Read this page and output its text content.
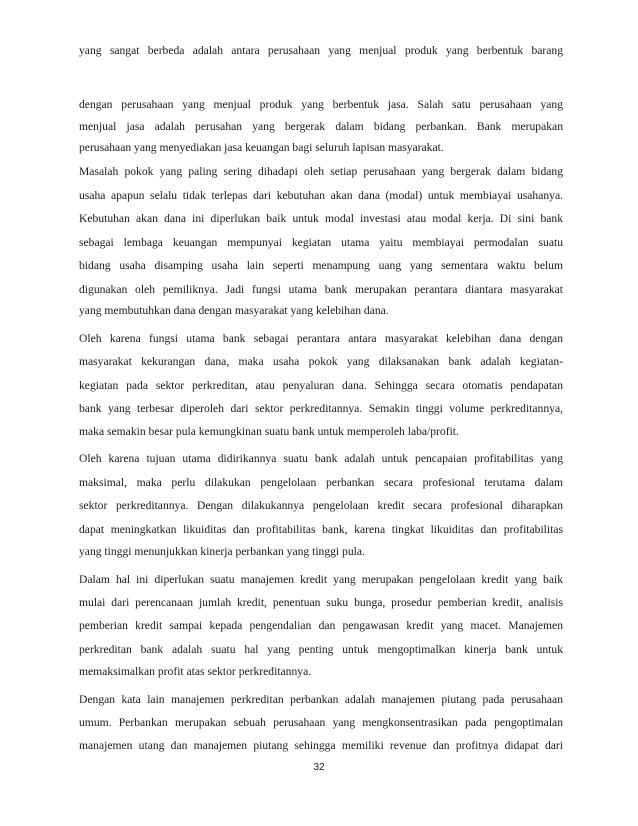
yang sangat berbeda adalah antara perusahaan yang menjual produk yang berbentuk barang
dengan perusahaan yang menjual produk yang berbentuk jasa. Salah satu perusahaan yang
menjual jasa adalah perusahan yang bergerak dalam bidang perbankan. Bank merupakan
perusahaan yang menyediakan jasa keuangan bagi seluruh lapisan masyarakat.
Masalah pokok yang paling sering dihadapi oleh setiap perusahaan yang bergerak dalam bidang
usaha apapun selalu tidak terlepas dari kebutuhan akan dana (modal) untuk membiayai usahanya.
Kebutuhan akan dana ini diperlukan baik untuk modal investasi atau modal kerja. Di sini bank
sebagai lembaga keuangan mempunyai kegiatan utama yaitu membiayai permodalan suatu
bidang usaha disamping usaha lain seperti menampung uang yang sementara waktu belum
digunakan oleh pemiliknya. Jadi fungsi utama bank merupakan perantara diantara masyarakat
yang membutuhkan dana dengan masyarakat yang kelebihan dana.
Oleh karena fungsi utama bank sebagai perantara antara masyarakat kelebihan dana dengan
masyarakat kekurangan dana, maka usaha pokok yang dilaksanakan bank adalah kegiatan-
kegiatan pada sektor perkreditan, atau penyaluran dana. Sehingga secara otomatis pendapatan
bank yang terbesar diperoleh dari sektor perkreditannya. Semakin tinggi volume perkreditannya,
maka semakin besar pula kemungkinan suatu bank untuk memperoleh laba/profit.
Oleh karena tujuan utama didirikannya suatu bank adalah untuk pencapaian profitabilitas yang
maksimal, maka perlu dilakukan pengelolaan perbankan secara profesional terutama dalam
sektor perkreditannya. Dengan dilakukannya pengelolaan kredit secara profesional diharapkan
dapat meningkatkan likuiditas dan profitabilitas bank, karena tingkat likuiditas dan profitabilitas
yang tinggi menunjukkan kinerja perbankan yang tinggi pula.
Dalam hal ini diperlukan suatu manajemen kredit yang merupakan pengelolaan kredit yang baik
mulai dari perencanaan jumlah kredit, penentuan suku bunga, prosedur pemberian kredit, analisis
pemberian kredit sampai kepada pengendalian dan pengawasan kredit yang macet. Manajemen
perkreditan bank adalah suatu hal yang penting untuk mengoptimalkan kinerja bank untuk
memaksimalkan profit atas sektor perkreditannya.
Dengan kata lain manajemen perkreditan perbankan adalah manajemen piutang pada perusahaan
umum. Perbankan merupakan sebuah perusahaan yang mengkonsentrasikan pada pengoptimalan
manajemen utang dan manajemen piutang sehingga memiliki revenue dan profitnya didapat dari
32
